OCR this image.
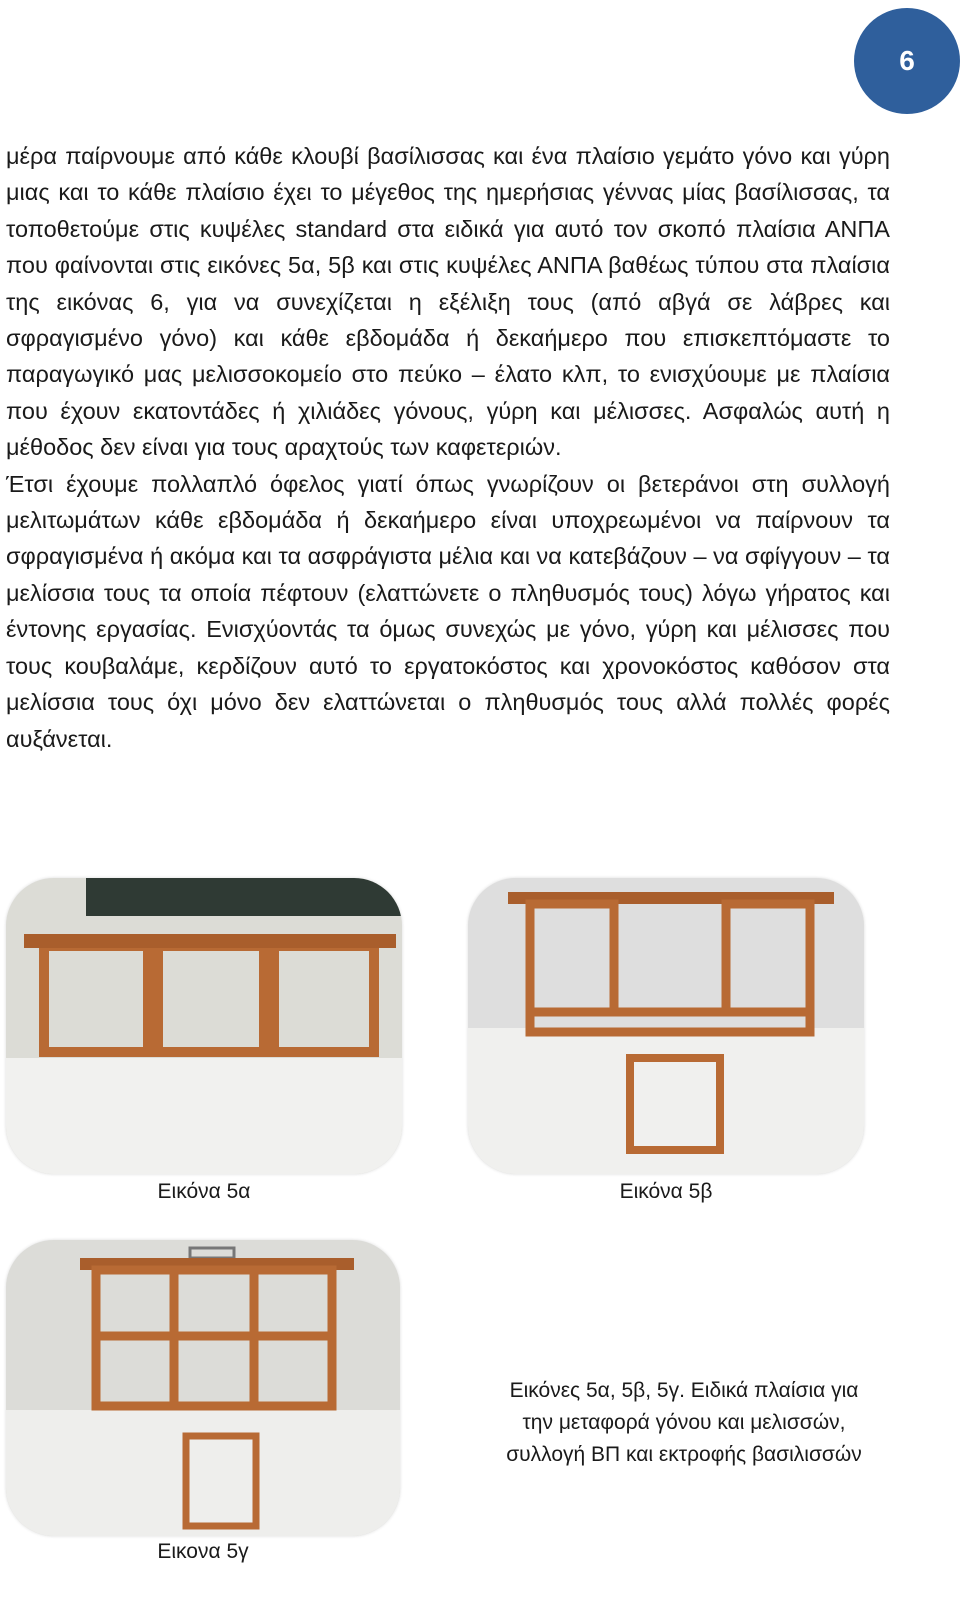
6

μέρα παίρνουμε από κάθε κλουβί βασίλισσας και ένα πλαίσιο γεμάτο γόνο και γύρη μιας και το κάθε πλαίσιο έχει το μέγεθος της ημερήσιας γέννας μίας βασίλισσας, τα τοποθετούμε στις κυψέλες standard στα ειδικά για αυτό τον σκοπό πλαίσια ΑΝΠΑ που φαίνονται στις εικόνες 5α, 5β και στις κυψέλες ΑΝΠΑ βαθέως τύπου στα πλαίσια της εικόνας 6, για να συνεχίζεται η εξέλιξη τους (από αβγά σε λάβρες και σφραγισμένο γόνο) και κάθε εβδομάδα ή δεκαήμερο που επισκεπτόμαστε το παραγωγικό μας μελισσοκομείο στο πεύκο – έλατο κλπ, το ενισχύουμε με πλαίσια που έχουν εκατοντάδες ή χιλιάδες γόνους, γύρη και μέλισσες. Ασφαλώς αυτή η μέθοδος δεν είναι για τους αραχτούς των καφετεριών.

Έτσι έχουμε πολλαπλό όφελος γιατί όπως γνωρίζουν οι βετεράνοι στη συλλογή μελιτωμάτων κάθε εβδομάδα ή δεκαήμερο είναι υποχρεωμένοι να παίρνουν τα σφραγισμένα ή ακόμα και τα ασφράγιστα μέλια και να κατεβάζουν – να σφίγγουν – τα μελίσσια τους τα οποία πέφτουν (ελαττώνετε ο πληθυσμός τους) λόγω γήρατος και έντονης εργασίας. Ενισχύοντάς τα όμως συνεχώς με γόνο, γύρη και μέλισσες που τους κουβαλάμε, κερδίζουν αυτό το εργατοκόστος και χρονοκόστος καθόσον στα μελίσσια τους όχι μόνο δεν ελαττώνεται ο πληθυσμός τους αλλά πολλές φορές αυξάνεται.

Εικόνα 5α	Εικόνα 5β
Εικονα 5γ
Εικόνες 5α, 5β, 5γ. Ειδικά πλαίσια για
την μεταφορά γόνου και μελισσών,
συλλογή ΒΠ και εκτροφής βασιλισσών
